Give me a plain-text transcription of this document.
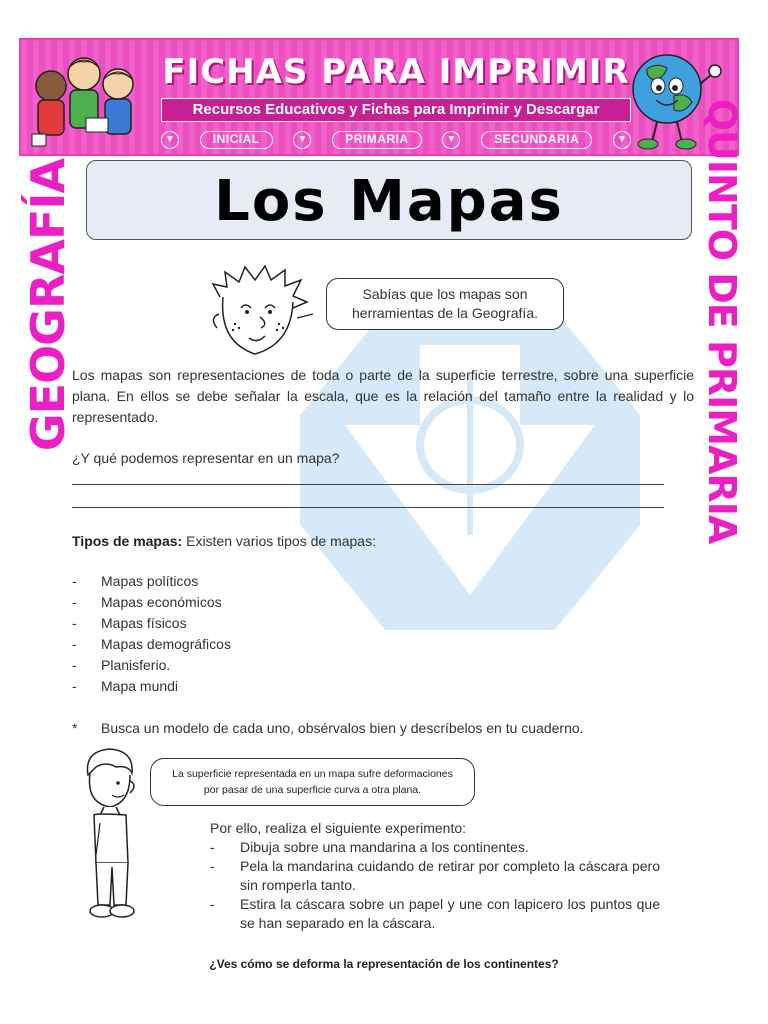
FICHAS PARA IMPRIMIR
Recursos Educativos y Fichas para Imprimir y Descargar
▼	INICIAL	▼	PRIMARIA	▼	SECUNDARIA	▼
GEOGRAFÍA	QUINTO DE PRIMARIA
Los Mapas
Sabías que los mapas son
herramientas de la Geografía.
Los mapas son representaciones de toda o parte de la superficie terrestre, sobre una superficie plana. En ellos se debe señalar la escala, que es la relación del tamaño entre la realidad y lo representado.
¿Y qué podemos representar en un mapa?
Tipos de mapas: Existen varios tipos de mapas:
- Mapas políticos
- Mapas económicos
- Mapas físicos
- Mapas demográficos
- Planisferio.
- Mapa mundi
* Busca un modelo de cada uno, obsérvalos bien y descríbelos en tu cuaderno.
La superficie representada en un mapa sufre deformaciones
por pasar de una superficie curva a otra plana.
Por ello, realiza el siguiente experimento:
- Dibuja sobre una mandarina a los continentes.
- Pela la mandarina cuidando de retirar por completo la cáscara pero sin romperla tanto.
- Estira la cáscara sobre un papel y une con lapicero los puntos que se han separado en la cáscara.
¿Ves cómo se deforma la representación de los continentes?
